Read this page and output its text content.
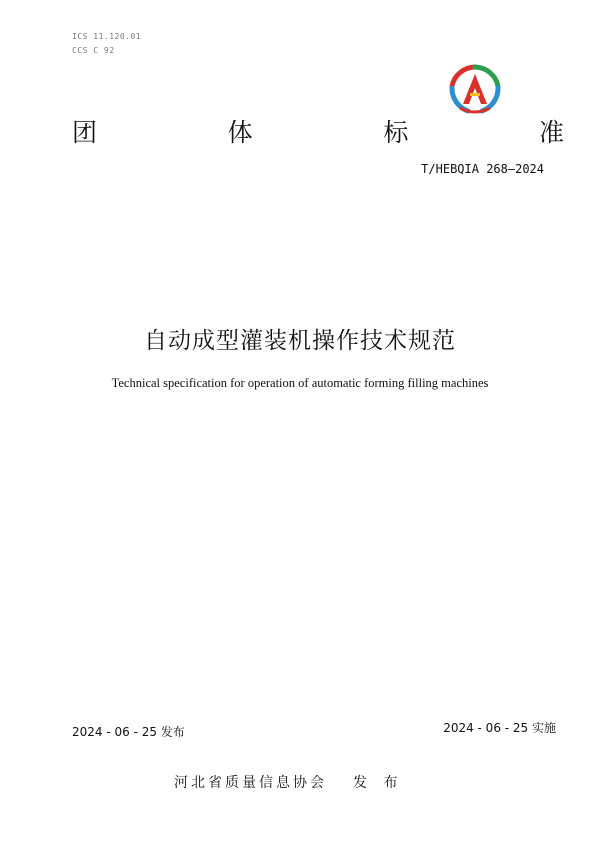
ICS 11.120.01
CCS C 92
团	体	标	准
T/HEBQIA 268—2024
自动成型灌装机操作技术规范
Technical specification for operation of automatic forming filling machines
2024 - 06 - 25 发布	2024 - 06 - 25 实施
河北省质量信息协会 发 布
